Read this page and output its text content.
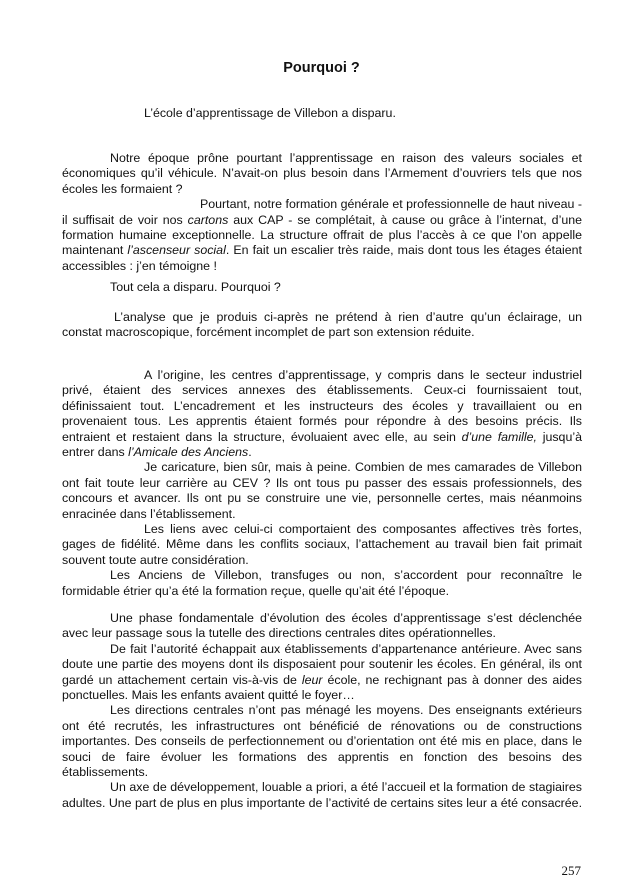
Pourquoi ?
L’école d’apprentissage de Villebon a disparu.

Notre époque prône pourtant l’apprentissage en raison des valeurs sociales et économiques qu’il véhicule. N’avait-on plus besoin dans l’Armement d’ouvriers tels que nos écoles les formaient ?

Pourtant, notre formation générale et professionnelle de haut niveau - il suffisait de voir nos cartons aux CAP - se complétait, à cause ou grâce à l’internat, d’une formation humaine exceptionnelle. La structure offrait de plus l’accès à ce que l’on appelle maintenant l’ascenseur social. En fait un escalier très raide, mais dont tous les étages étaient accessibles : j’en témoigne !

Tout cela a disparu. Pourquoi ?

L’analyse que je produis ci-après ne prétend à rien d’autre qu’un éclairage, un constat macroscopique, forcément incomplet de part son extension réduite.

A l’origine, les centres d’apprentissage, y compris dans le secteur industriel privé, étaient des services annexes des établissements. Ceux-ci fournissaient tout, définissaient tout. L’encadrement et les instructeurs des écoles y travaillaient ou en provenaient tous. Les apprentis étaient formés pour répondre à des besoins précis. Ils entraient et restaient dans la structure, évoluaient avec elle, au sein d’une famille, jusqu’à entrer dans l’Amicale des Anciens.

Je caricature, bien sûr, mais à peine. Combien de mes camarades de Villebon ont fait toute leur carrière au CEV ? Ils ont tous pu passer des essais professionnels, des concours et avancer. Ils ont pu se construire une vie, personnelle certes, mais néanmoins enracinée dans l’établissement.

Les liens avec celui-ci comportaient des composantes affectives très fortes, gages de fidélité. Même dans les conflits sociaux, l’attachement au travail bien fait primait souvent toute autre considération.

Les Anciens de Villebon, transfuges ou non, s’accordent pour reconnaître le formidable étrier qu’a été la formation reçue, quelle qu’ait été l’époque.

Une phase fondamentale d’évolution des écoles d’apprentissage s’est déclenchée avec leur passage sous la tutelle des directions centrales dites opérationnelles.

De fait l’autorité échappait aux établissements d’appartenance antérieure. Avec sans doute une partie des moyens dont ils disposaient pour soutenir les écoles. En général, ils ont gardé un attachement certain vis-à-vis de leur école, ne rechignant pas à donner des aides ponctuelles. Mais les enfants avaient quitté le foyer…

Les directions centrales n’ont pas ménagé les moyens. Des enseignants extérieurs ont été recrutés, les infrastructures ont bénéficié de rénovations ou de constructions importantes. Des conseils de perfectionnement ou d’orientation ont été mis en place, dans le souci de faire évoluer les formations des apprentis en fonction des besoins des établissements.

Un axe de développement, louable a priori, a été l’accueil et la formation de stagiaires adultes. Une part de plus en plus importante de l’activité de certains sites leur a été consacrée.

257
